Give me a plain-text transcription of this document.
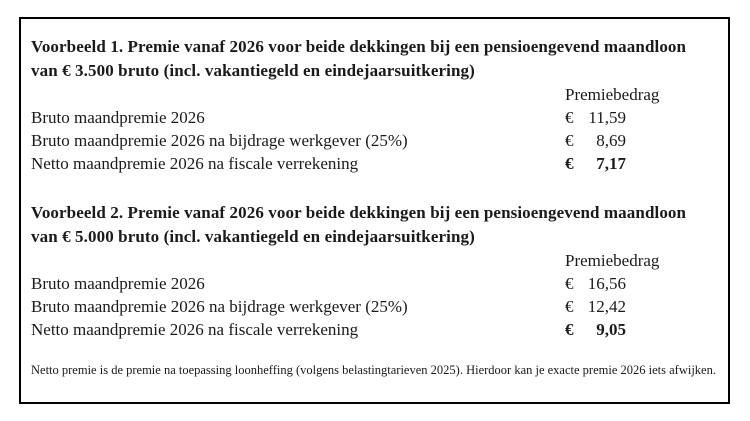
Voorbeeld 1. Premie vanaf 2026 voor beide dekkingen bij een pensioengevend maandloon
van € 3.500 bruto (incl. vakantiegeld en eindejaarsuitkering)
Premiebedrag
Bruto maandpremie 2026	€ 11,59
Bruto maandpremie 2026 na bijdrage werkgever (25%)	€ 8,69
Netto maandpremie 2026 na fiscale verrekening	€ 7,17
Voorbeeld 2. Premie vanaf 2026 voor beide dekkingen bij een pensioengevend maandloon
van € 5.000 bruto (incl. vakantiegeld en eindejaarsuitkering)
Premiebedrag
Bruto maandpremie 2026	€ 16,56
Bruto maandpremie 2026 na bijdrage werkgever (25%)	€ 12,42
Netto maandpremie 2026 na fiscale verrekening	€ 9,05
Netto premie is de premie na toepassing loonheffing (volgens belastingtarieven 2025). Hierdoor kan je exacte premie 2026 iets afwijken.
